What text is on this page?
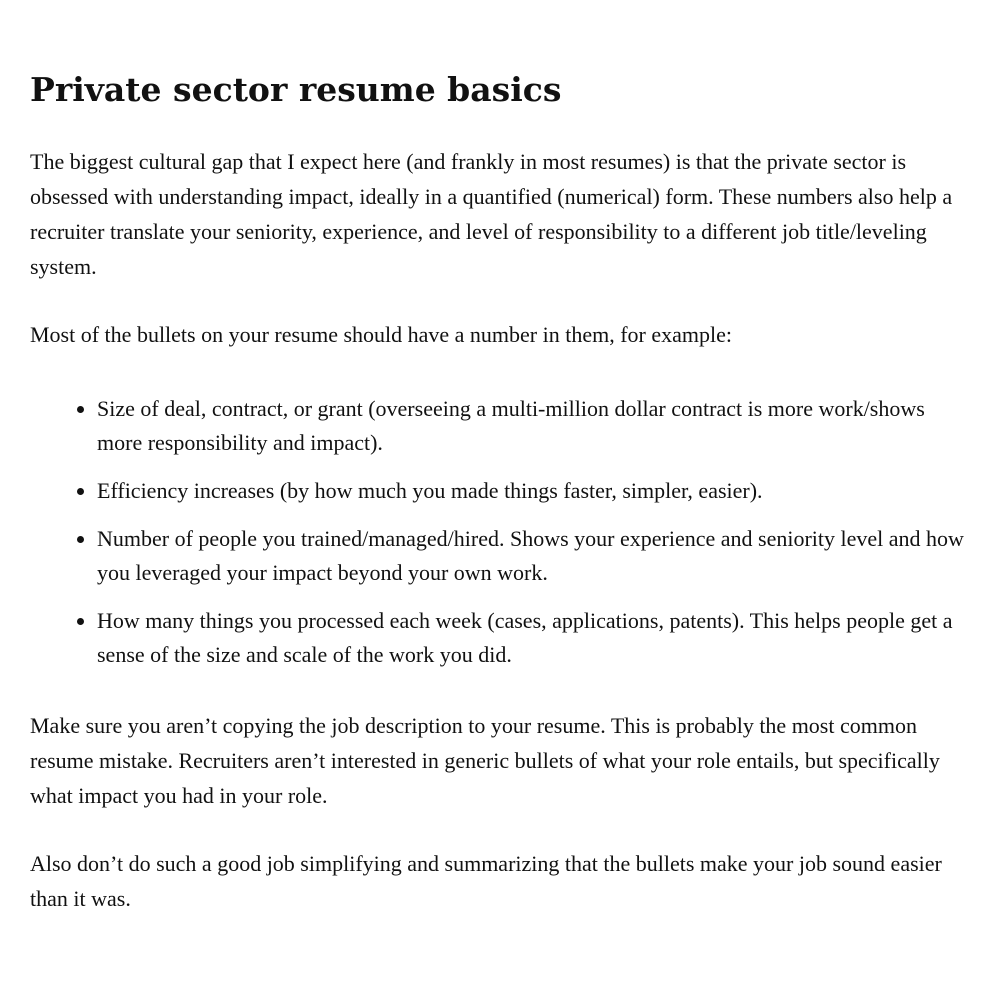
Private sector resume basics

The biggest cultural gap that I expect here (and frankly in most resumes) is that the private sector is obsessed with understanding impact, ideally in a quantified (numerical) form. These numbers also help a recruiter translate your seniority, experience, and level of responsibility to a different job title/leveling system.

Most of the bullets on your resume should have a number in them, for example:

• Size of deal, contract, or grant (overseeing a multi-million dollar contract is more work/shows more responsibility and impact).
• Efficiency increases (by how much you made things faster, simpler, easier).
• Number of people you trained/managed/hired. Shows your experience and seniority level and how you leveraged your impact beyond your own work.
• How many things you processed each week (cases, applications, patents). This helps people get a sense of the size and scale of the work you did.

Make sure you aren’t copying the job description to your resume. This is probably the most common resume mistake. Recruiters aren’t interested in generic bullets of what your role entails, but specifically what impact you had in your role.

Also don’t do such a good job simplifying and summarizing that the bullets make your job sound easier than it was.
